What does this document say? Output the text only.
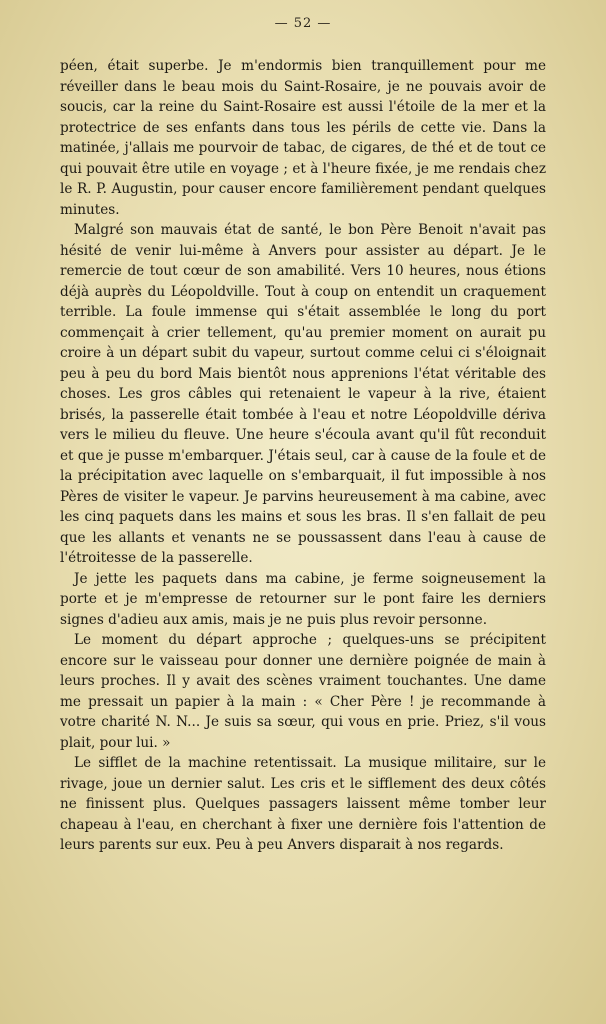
— 52 —

péen, était superbe. Je m'endormis bien tranquillement pour me réveiller dans le beau mois du Saint-Rosaire, je ne pouvais avoir de soucis, car la reine du Saint-Rosaire est aussi l'étoile de la mer et la protectrice de ses enfants dans tous les périls de cette vie. Dans la matinée, j'allais me pourvoir de tabac, de cigares, de thé et de tout ce qui pouvait être utile en voyage ; et à l'heure fixée, je me rendais chez le R. P. Augustin, pour causer encore familièrement pendant quelques minutes.

Malgré son mauvais état de santé, le bon Père Benoit n'avait pas hésité de venir lui-même à Anvers pour assister au départ. Je le remercie de tout cœur de son amabilité. Vers 10 heures, nous étions déjà auprès du Léopoldville. Tout à coup on entendit un craquement terrible. La foule immense qui s'était assemblée le long du port commençait à crier tellement, qu'au premier moment on aurait pu croire à un départ subit du vapeur, surtout comme celui ci s'éloignait peu à peu du bord Mais bientôt nous apprenions l'état véritable des choses. Les gros câbles qui retenaient le vapeur à la rive, étaient brisés, la passerelle était tombée à l'eau et notre Léopoldville dériva vers le milieu du fleuve. Une heure s'écoula avant qu'il fût reconduit et que je pusse m'embarquer. J'étais seul, car à cause de la foule et de la précipitation avec laquelle on s'embarquait, il fut impossible à nos Pères de visiter le vapeur. Je parvins heureusement à ma cabine, avec les cinq paquets dans les mains et sous les bras. Il s'en fallait de peu que les allants et venants ne se poussassent dans l'eau à cause de l'étroitesse de la passerelle.

Je jette les paquets dans ma cabine, je ferme soigneusement la porte et je m'empresse de retourner sur le pont faire les derniers signes d'adieu aux amis, mais je ne puis plus revoir personne.

Le moment du départ approche ; quelques-uns se précipitent encore sur le vaisseau pour donner une dernière poignée de main à leurs proches. Il y avait des scènes vraiment touchantes. Une dame me pressait un papier à la main : « Cher Père ! je recommande à votre charité N. N... Je suis sa sœur, qui vous en prie. Priez, s'il vous plait, pour lui. »

Le sifflet de la machine retentissait. La musique militaire, sur le rivage, joue un dernier salut. Les cris et le sifflement des deux côtés ne finissent plus. Quelques passagers laissent même tomber leur chapeau à l'eau, en cherchant à fixer une dernière fois l'attention de leurs parents sur eux. Peu à peu Anvers disparait à nos regards.
